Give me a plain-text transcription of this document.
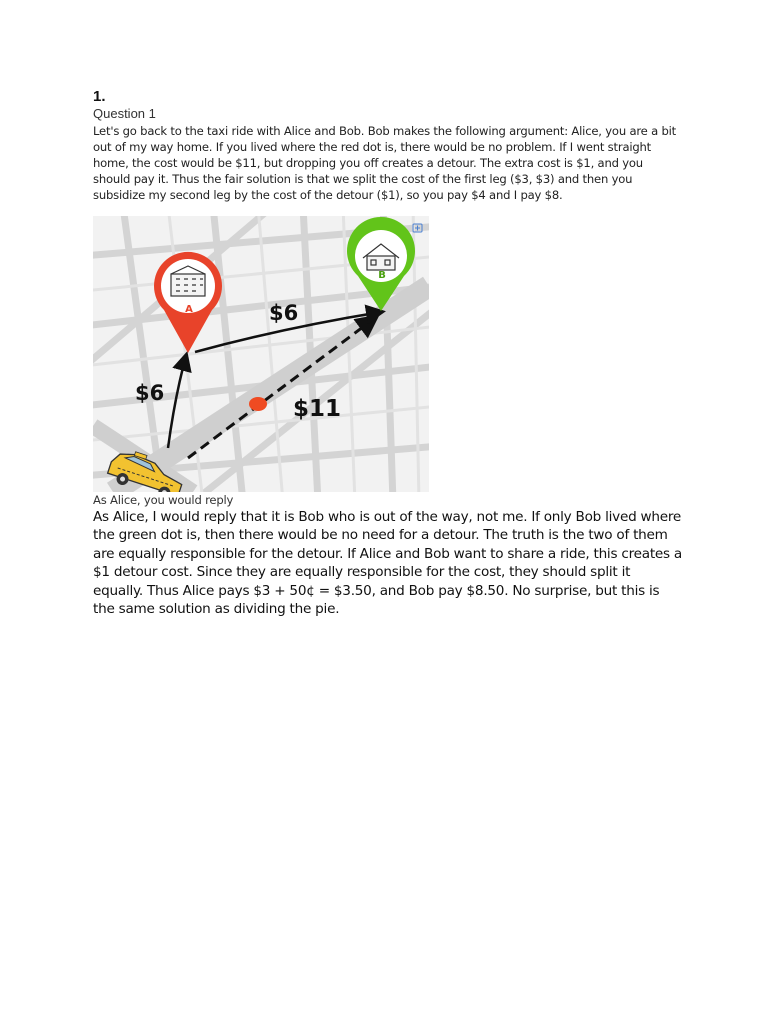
1.
Question 1

Let's go back to the taxi ride with Alice and Bob. Bob makes the following argument: Alice, you are a bit out of my way home. If you lived where the red dot is, there would be no problem. If I went straight home, the cost would be $11, but dropping you off creates a detour. The extra cost is $1, and you should pay it. Thus the fair solution is that we split the cost of the first leg ($3, $3) and then you subsidize my second leg by the cost of the detour ($1), so you pay $4 and I pay $8.

A
B
$6
$6
$11

As Alice, you would reply

As Alice, I would reply that it is Bob who is out of the way, not me. If only Bob lived where the green dot is, then there would be no need for a detour. The truth is the two of them are equally responsible for the detour. If Alice and Bob want to share a ride, this creates a $1 detour cost. Since they are equally responsible for the cost, they should split it equally. Thus Alice pays $3 + 50¢ = $3.50, and Bob pay $8.50. No surprise, but this is the same solution as dividing the pie.
